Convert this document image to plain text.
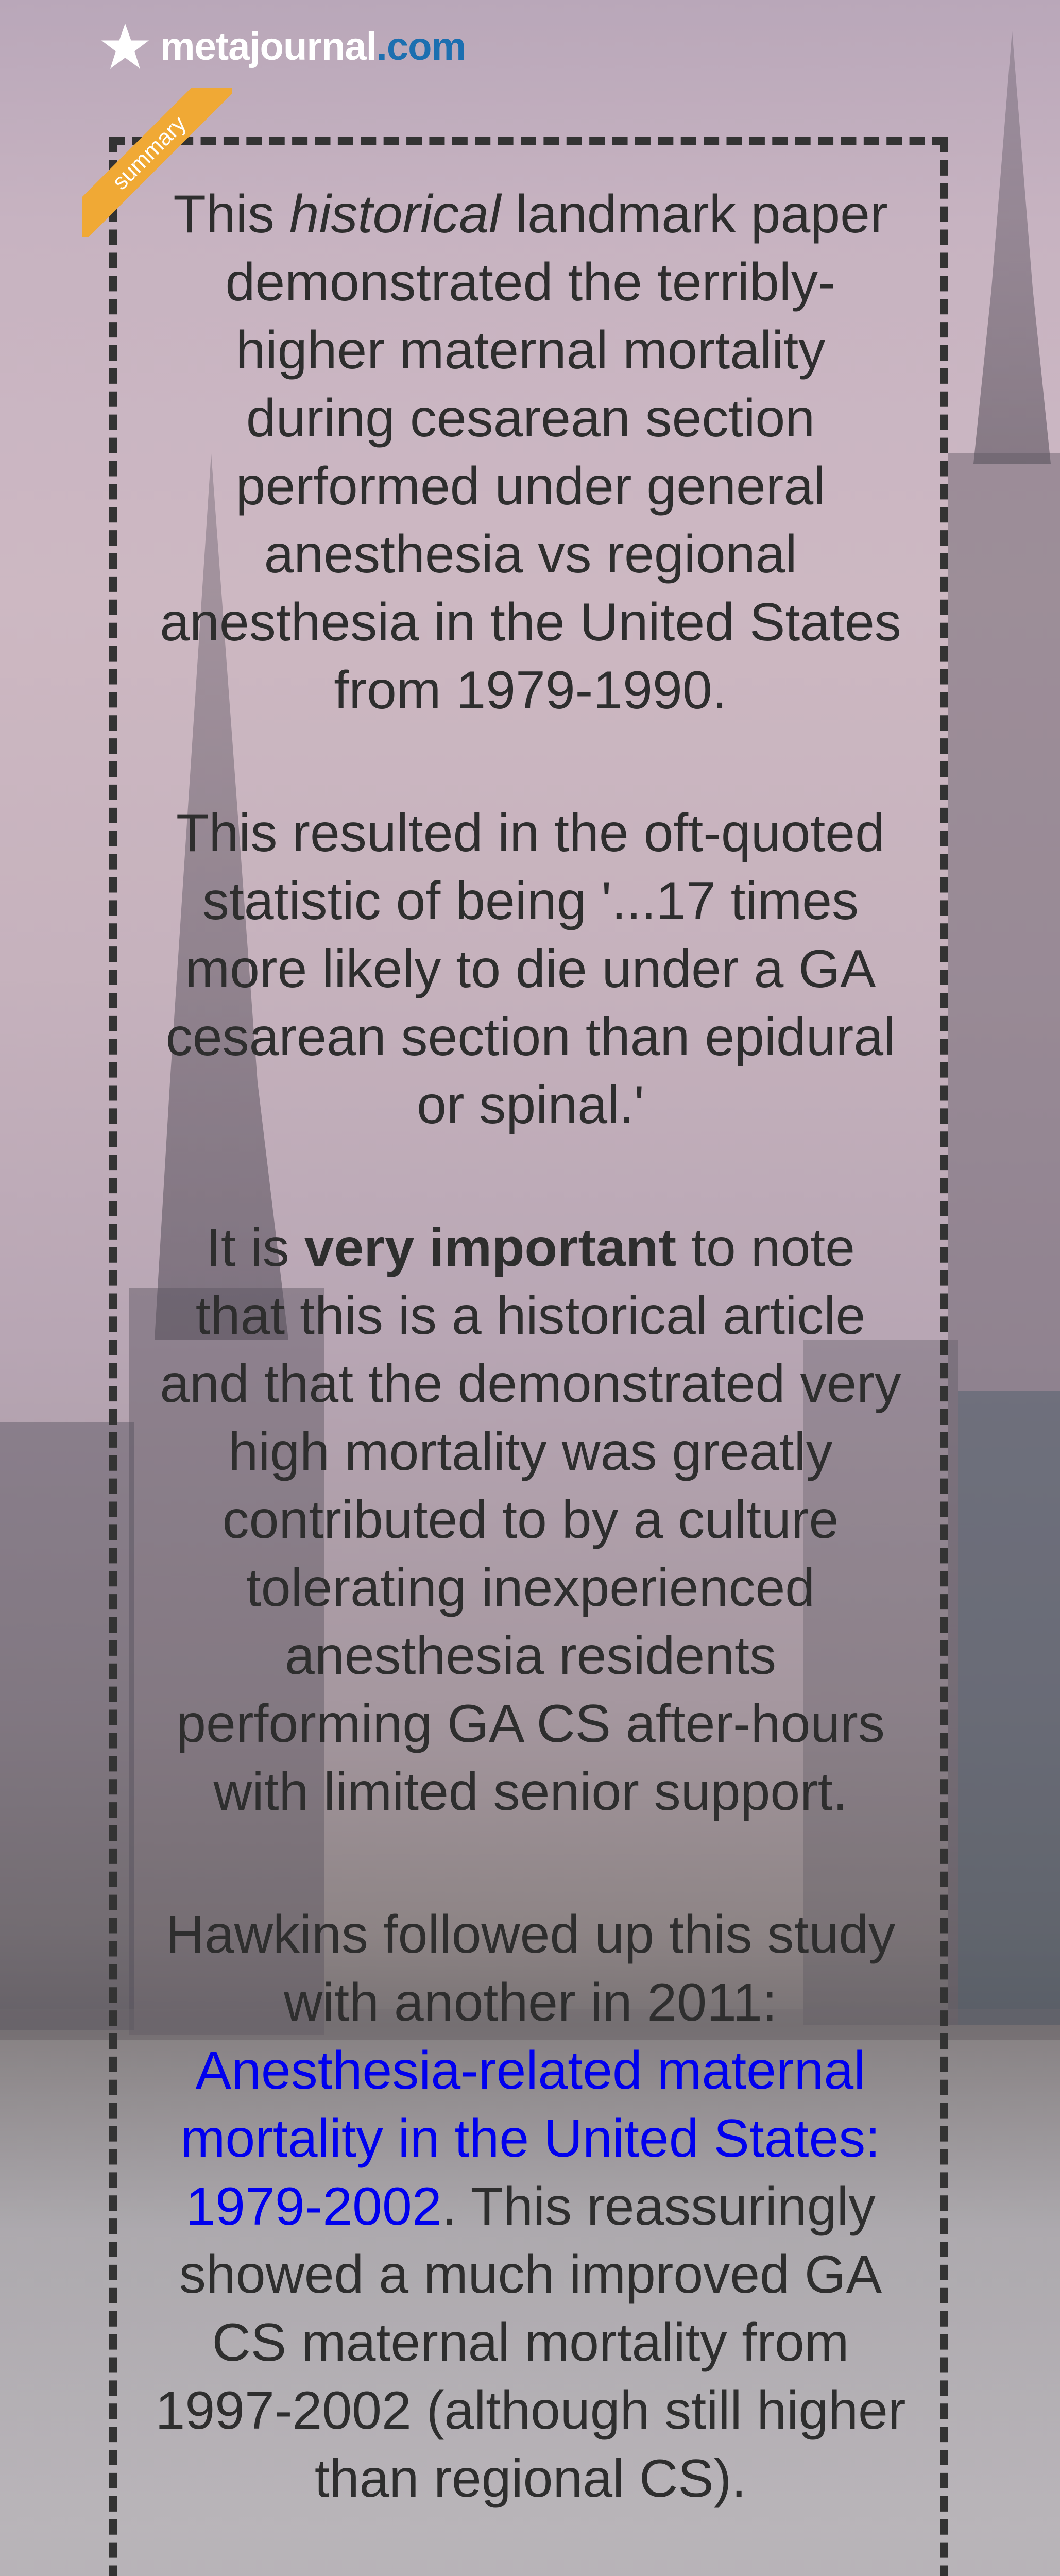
metajournal.com
summary

This historical landmark paper demonstrated the terribly-higher maternal mortality during cesarean section performed under general anesthesia vs regional anesthesia in the United States from 1979-1990.

This resulted in the oft-quoted statistic of being '...17 times more likely to die under a GA cesarean section than epidural or spinal.'

It is very important to note that this is a historical article and that the demonstrated very high mortality was greatly contributed to by a culture tolerating inexperienced anesthesia residents performing GA CS after-hours with limited senior support.

Hawkins followed up this study with another in 2011: Anesthesia-related maternal mortality in the United States: 1979-2002. This reassuringly showed a much improved GA CS maternal mortality from 1997-2002 (although still higher than regional CS).
